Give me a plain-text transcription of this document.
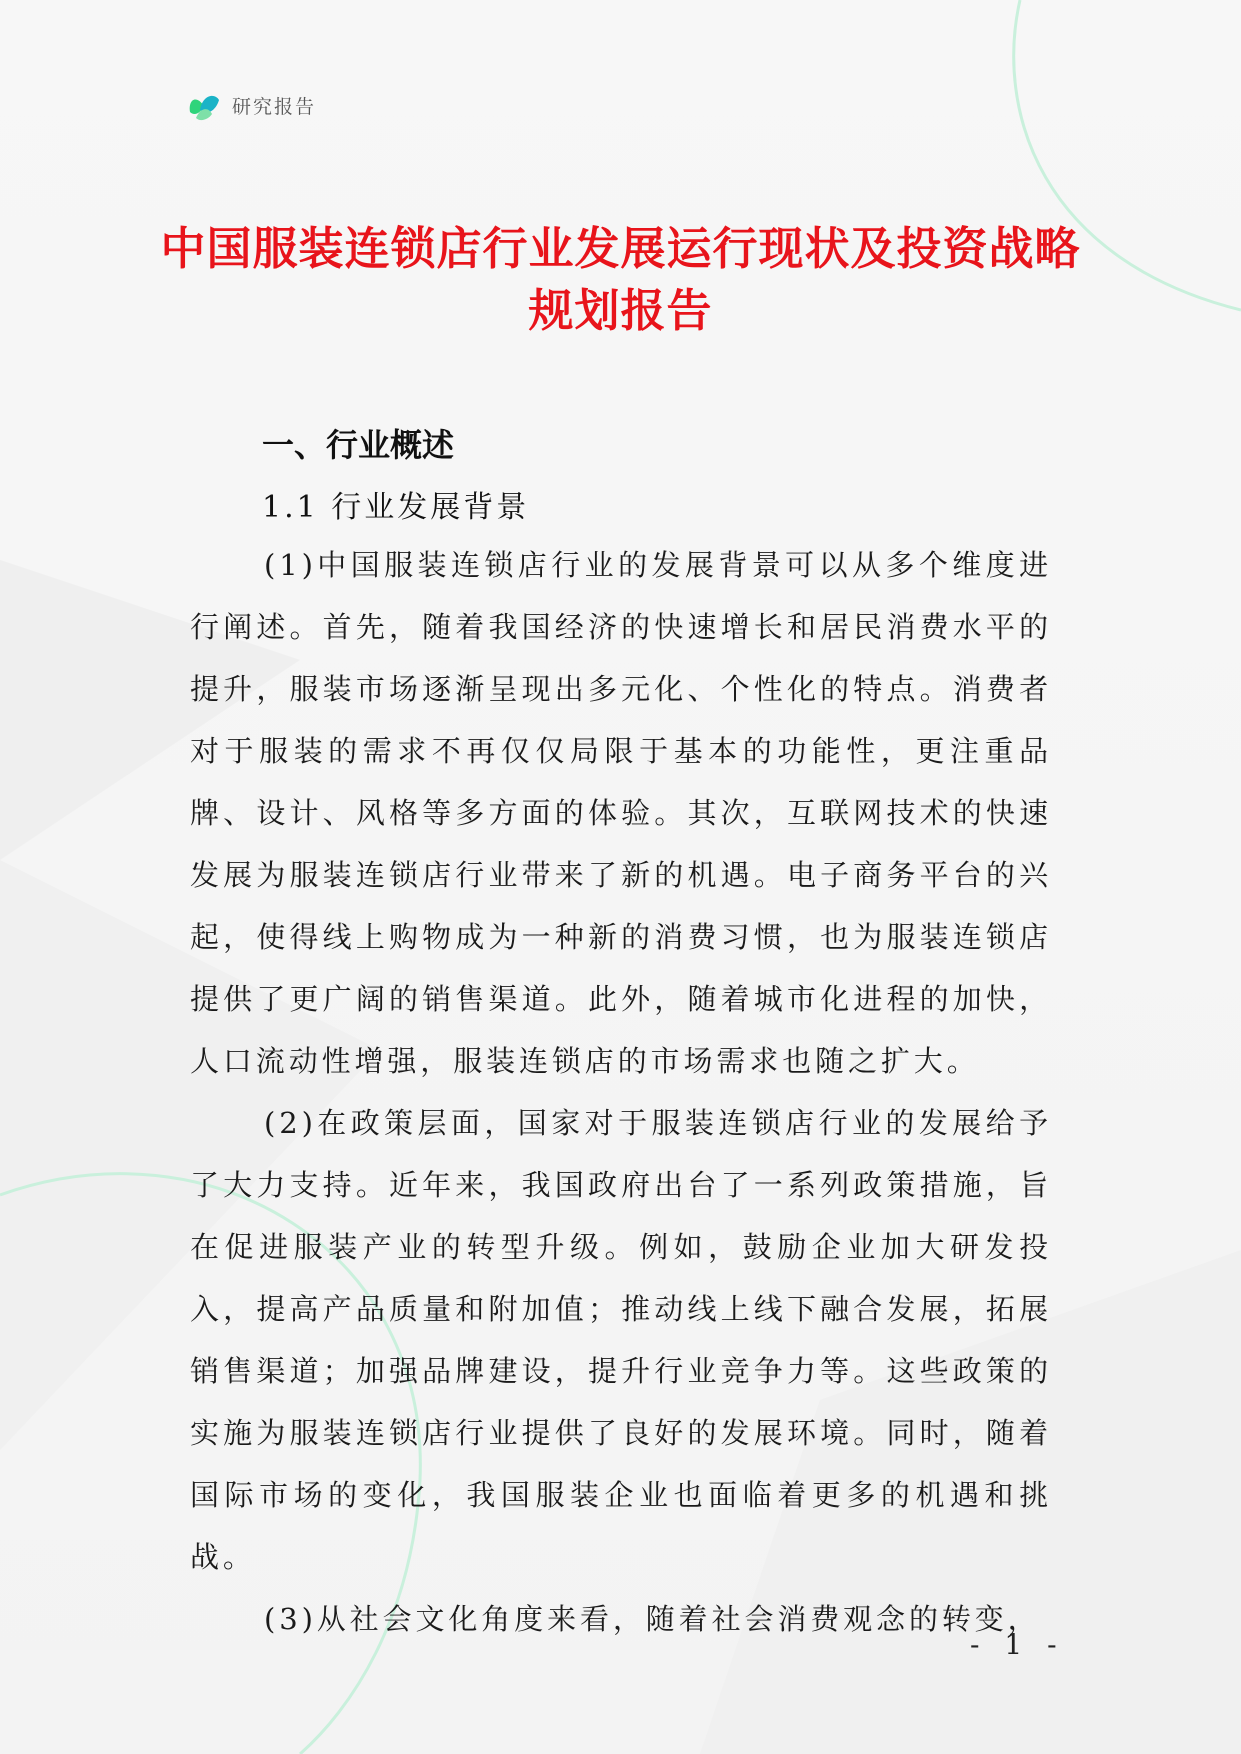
研究报告
中国服装连锁店行业发展运行现状及投资战略规划报告
一、行业概述
1.1 行业发展背景

(1)中国服装连锁店行业的发展背景可以从多个维度进行阐述。首先，随着我国经济的快速增长和居民消费水平的提升，服装市场逐渐呈现出多元化、个性化的特点。消费者对于服装的需求不再仅仅局限于基本的功能性，更注重品牌、设计、风格等多方面的体验。其次，互联网技术的快速发展为服装连锁店行业带来了新的机遇。电子商务平台的兴起，使得线上购物成为一种新的消费习惯，也为服装连锁店提供了更广阔的销售渠道。此外，随着城市化进程的加快，人口流动性增强，服装连锁店的市场需求也随之扩大。

(2)在政策层面，国家对于服装连锁店行业的发展给予了大力支持。近年来，我国政府出台了一系列政策措施，旨在促进服装产业的转型升级。例如，鼓励企业加大研发投入，提高产品质量和附加值；推动线上线下融合发展，拓展销售渠道；加强品牌建设，提升行业竞争力等。这些政策的实施为服装连锁店行业提供了良好的发展环境。同时，随着国际市场的变化，我国服装企业也面临着更多的机遇和挑战。

(3)从社会文化角度来看，随着社会消费观念的转变，

- 1 -
